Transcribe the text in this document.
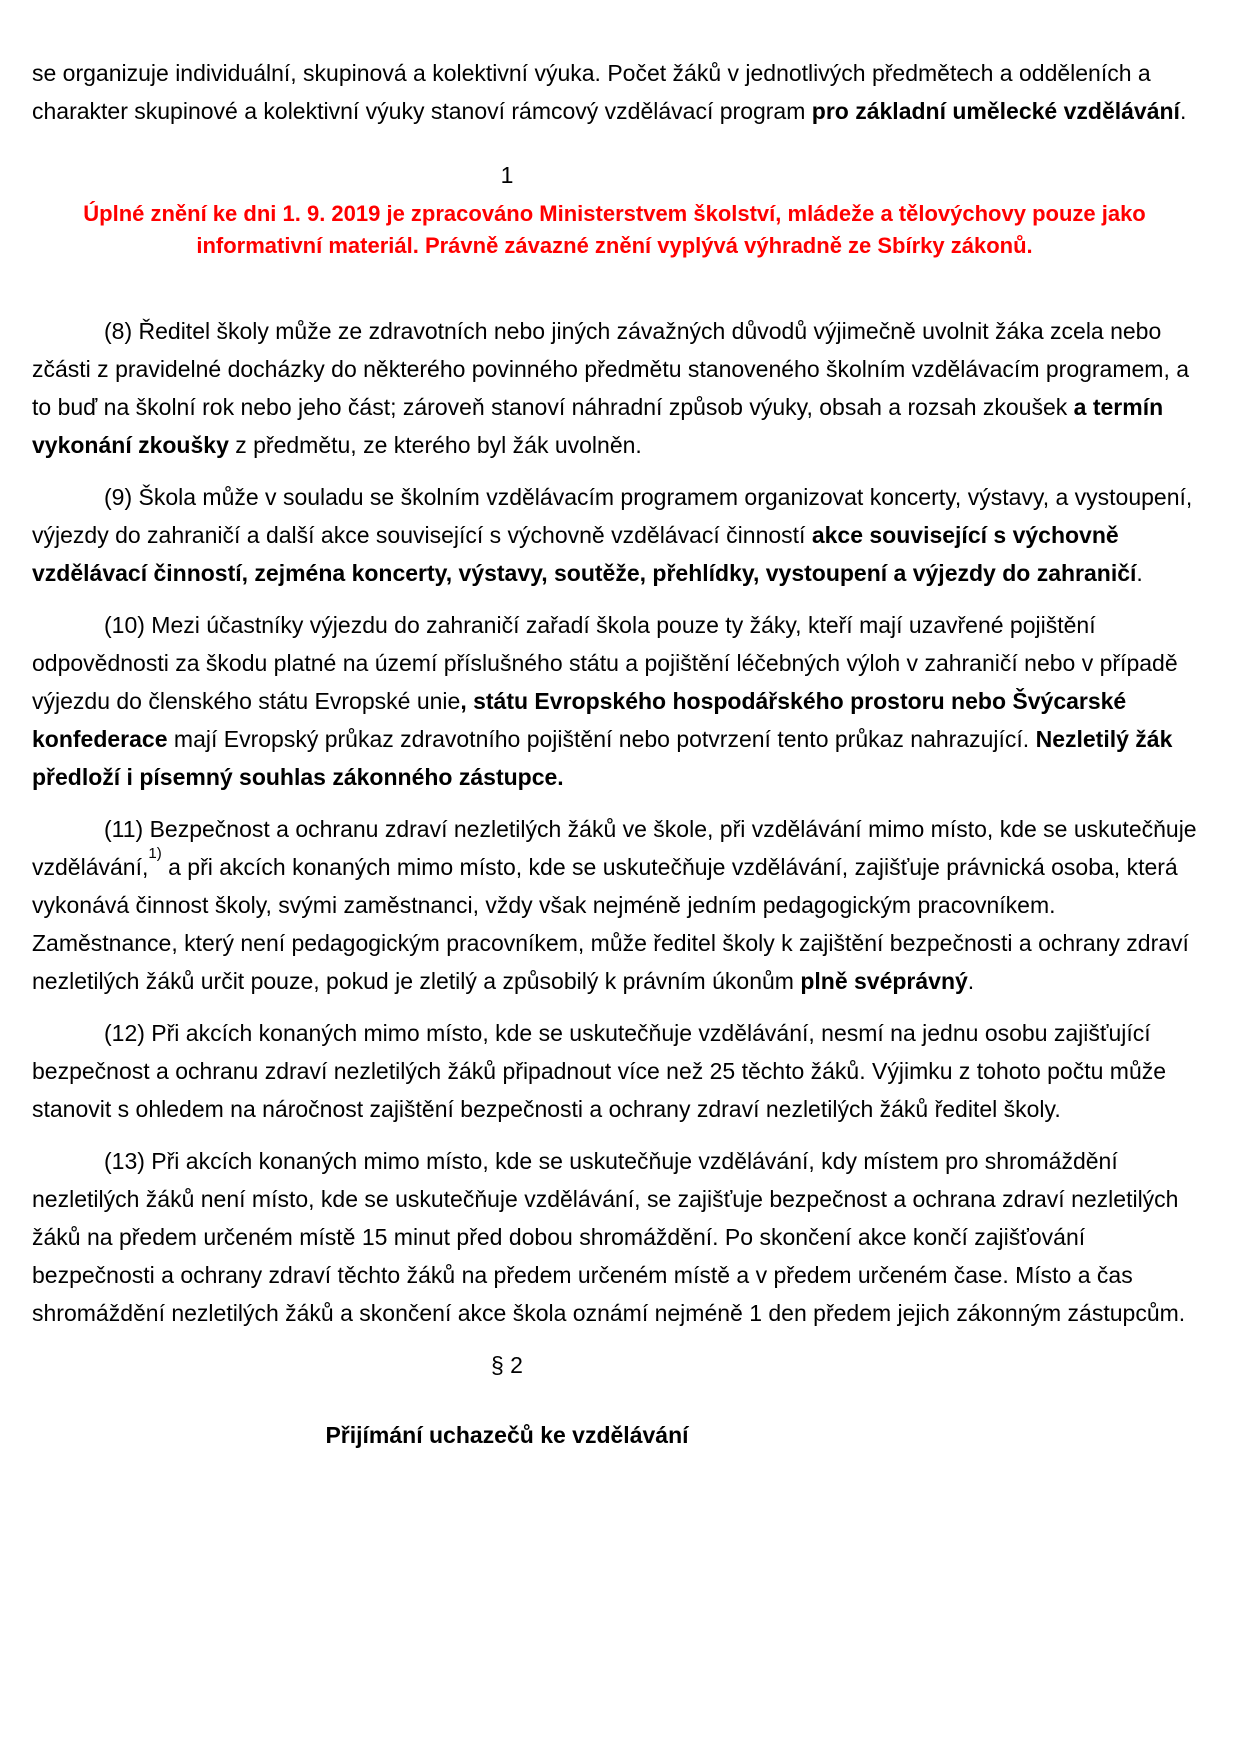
se organizuje individuální, skupinová a kolektivní výuka. Počet žáků v jednotlivých předmětech a odděleních a charakter skupinové a kolektivní výuky stanoví rámcový vzdělávací program pro základní umělecké vzdělávání.

1

Úplné znění ke dni 1. 9. 2019 je zpracováno Ministerstvem školství, mládeže a tělovýchovy pouze jako informativní materiál. Právně závazné znění vyplývá výhradně ze Sbírky zákonů.

(8) Ředitel školy může ze zdravotních nebo jiných závažných důvodů výjimečně uvolnit žáka zcela nebo zčásti z pravidelné docházky do některého povinného předmětu stanoveného školním vzdělávacím programem, a to buď na školní rok nebo jeho část; zároveň stanoví náhradní způsob výuky, obsah a rozsah zkoušek a termín vykonání zkoušky z předmětu, ze kterého byl žák uvolněn.

(9) Škola může v souladu se školním vzdělávacím programem organizovat koncerty, výstavy, a vystoupení, výjezdy do zahraničí a další akce související s výchovně vzdělávací činností akce související s výchovně vzdělávací činností, zejména koncerty, výstavy, soutěže, přehlídky, vystoupení a výjezdy do zahraničí.

(10) Mezi účastníky výjezdu do zahraničí zařadí škola pouze ty žáky, kteří mají uzavřené pojištění odpovědnosti za škodu platné na území příslušného státu a pojištění léčebných výloh v zahraničí nebo v případě výjezdu do členského státu Evropské unie, státu Evropského hospodářského prostoru nebo Švýcarské konfederace mají Evropský průkaz zdravotního pojištění nebo potvrzení tento průkaz nahrazující. Nezletilý žák předloží i písemný souhlas zákonného zástupce.

(11) Bezpečnost a ochranu zdraví nezletilých žáků ve škole, při vzdělávání mimo místo, kde se uskutečňuje vzdělávání,$^{1)}$ a při akcích konaných mimo místo, kde se uskutečňuje vzdělávání, zajišťuje právnická osoba, která vykonává činnost školy, svými zaměstnanci, vždy však nejméně jedním pedagogickým pracovníkem. Zaměstnance, který není pedagogickým pracovníkem, může ředitel školy k zajištění bezpečnosti a ochrany zdraví nezletilých žáků určit pouze, pokud je zletilý a způsobilý k právním úkonům plně svéprávný.

(12) Při akcích konaných mimo místo, kde se uskutečňuje vzdělávání, nesmí na jednu osobu zajišťující bezpečnost a ochranu zdraví nezletilých žáků připadnout více než 25 těchto žáků. Výjimku z tohoto počtu může stanovit s ohledem na náročnost zajištění bezpečnosti a ochrany zdraví nezletilých žáků ředitel školy.

(13) Při akcích konaných mimo místo, kde se uskutečňuje vzdělávání, kdy místem pro shromáždění nezletilých žáků není místo, kde se uskutečňuje vzdělávání, se zajišťuje bezpečnost a ochrana zdraví nezletilých žáků na předem určeném místě 15 minut před dobou shromáždění. Po skončení akce končí zajišťování bezpečnosti a ochrany zdraví těchto žáků na předem určeném místě a v předem určeném čase. Místo a čas shromáždění nezletilých žáků a skončení akce škola oznámí nejméně 1 den předem jejich zákonným zástupcům.

§ 2
Přijímání uchazečů ke vzdělávání
